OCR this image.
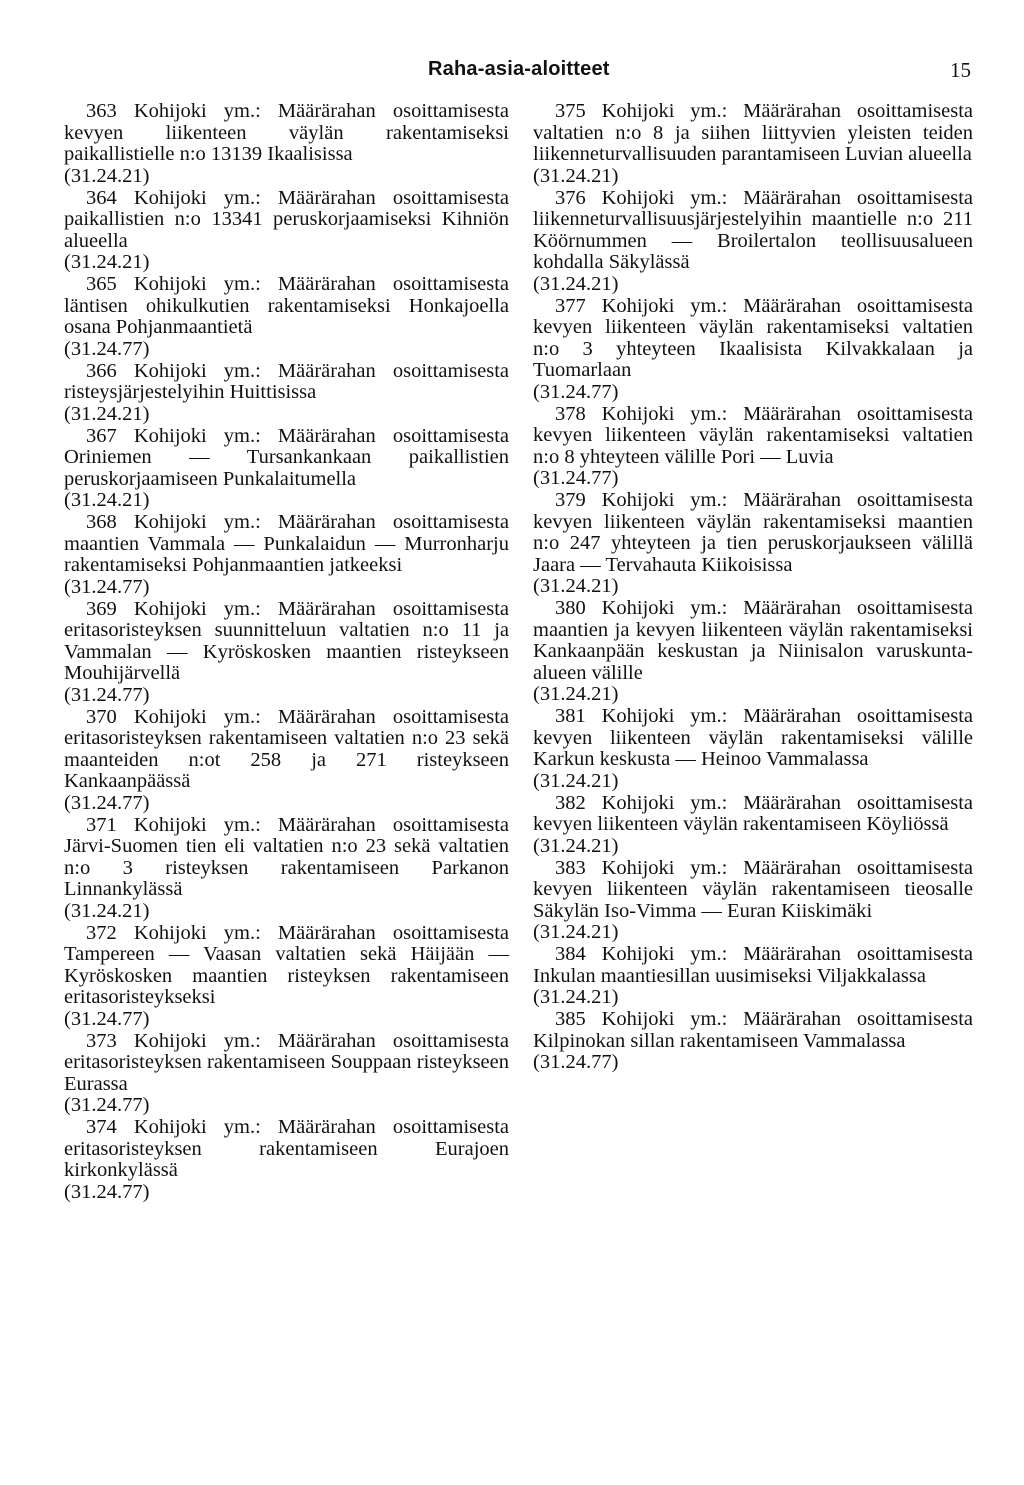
Raha-asia-aloitteet	15

363 Kohijoki ym.: Määrärahan osoittamisesta kevyen liikenteen väylän rakentamiseksi paikallistielle n:o 13139 Ikaalisissa

(31.24.21)

364 Kohijoki ym.: Määrärahan osoittamisesta paikallistien n:o 13341 peruskorjaamiseksi Kihniön alueella

(31.24.21)

365 Kohijoki ym.: Määrärahan osoittamisesta läntisen ohikulkutien rakentamiseksi Honkajoella osana Pohjanmaantietä

(31.24.77)

366 Kohijoki ym.: Määrärahan osoittamisesta risteysjärjestelyihin Huittisissa

(31.24.21)

367 Kohijoki ym.: Määrärahan osoittamisesta Oriniemen — Tursankankaan paikallistien peruskorjaamiseen Punkalaitumella

(31.24.21)

368 Kohijoki ym.: Määrärahan osoittamisesta maantien Vammala — Punkalaidun — Murronharju rakentamiseksi Pohjanmaantien jatkeeksi

(31.24.77)

369 Kohijoki ym.: Määrärahan osoittamisesta eritasoristeyksen suunnitteluun valtatien n:o 11 ja Vammalan — Kyröskosken maantien risteykseen Mouhijärvellä

(31.24.77)

370 Kohijoki ym.: Määrärahan osoittamisesta eritasoristeyksen rakentamiseen valtatien n:o 23 sekä maanteiden n:ot 258 ja 271 risteykseen Kankaanpäässä

(31.24.77)

371 Kohijoki ym.: Määrärahan osoittamisesta Järvi-Suomen tien eli valtatien n:o 23 sekä valtatien n:o 3 risteyksen rakentamiseen Parkanon Linnankylässä

(31.24.21)

372 Kohijoki ym.: Määrärahan osoittamisesta Tampereen — Vaasan valtatien sekä Häijään — Kyröskosken maantien risteyksen rakentamiseen eritasoristeykseksi

(31.24.77)

373 Kohijoki ym.: Määrärahan osoittamisesta eritasoristeyksen rakentamiseen Souppaan risteykseen Eurassa

(31.24.77)

374 Kohijoki ym.: Määrärahan osoittamisesta eritasoristeyksen rakentamiseen Eurajoen kirkonkylässä

(31.24.77)

375 Kohijoki ym.: Määrärahan osoittamisesta valtatien n:o 8 ja siihen liittyvien yleisten teiden liikenneturvallisuuden parantamiseen Luvian alueella

(31.24.21)

376 Kohijoki ym.: Määrärahan osoittamisesta liikenneturvallisuusjärjestelyihin maantielle n:o 211 Köörnummen — Broilertalon teollisuusalueen kohdalla Säkylässä

(31.24.21)

377 Kohijoki ym.: Määrärahan osoittamisesta kevyen liikenteen väylän rakentamiseksi valtatien n:o 3 yhteyteen Ikaalisista Kilvakkalaan ja Tuomarlaan

(31.24.77)

378 Kohijoki ym.: Määrärahan osoittamisesta kevyen liikenteen väylän rakentamiseksi valtatien n:o 8 yhteyteen välille Pori — Luvia

(31.24.77)

379 Kohijoki ym.: Määrärahan osoittamisesta kevyen liikenteen väylän rakentamiseksi maantien n:o 247 yhteyteen ja tien peruskorjaukseen välillä Jaara — Tervahauta Kiikoisissa

(31.24.21)

380 Kohijoki ym.: Määrärahan osoittamisesta maantien ja kevyen liikenteen väylän rakentamiseksi Kankaanpään keskustan ja Niinisalon varuskunta-alueen välille

(31.24.21)

381 Kohijoki ym.: Määrärahan osoittamisesta kevyen liikenteen väylän rakentamiseksi välille Karkun keskusta — Heinoo Vammalassa

(31.24.21)

382 Kohijoki ym.: Määrärahan osoittamisesta kevyen liikenteen väylän rakentamiseen Köyliössä

(31.24.21)

383 Kohijoki ym.: Määrärahan osoittamisesta kevyen liikenteen väylän rakentamiseen tieosalle Säkylän Iso-Vimma — Euran Kiiskimäki

(31.24.21)

384 Kohijoki ym.: Määrärahan osoittamisesta Inkulan maantiesillan uusimiseksi Viljakkalassa

(31.24.21)

385 Kohijoki ym.: Määrärahan osoittamisesta Kilpinokan sillan rakentamiseen Vammalassa

(31.24.77)
